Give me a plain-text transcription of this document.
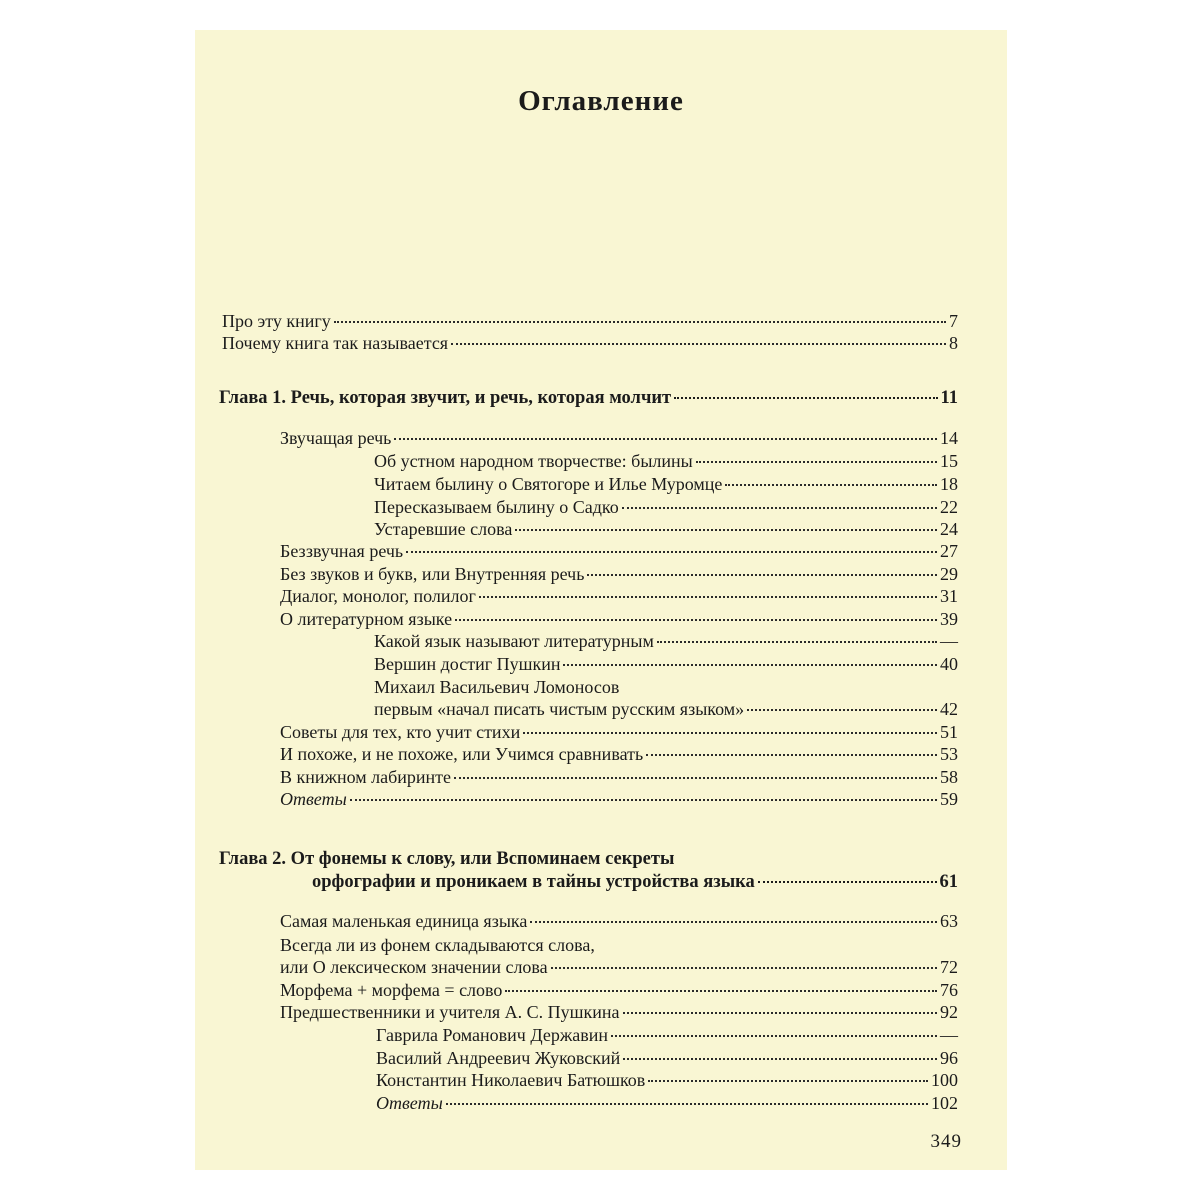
Оглавление
Про эту книгу	7
Почему книга так называется	8
Глава 1. Речь, которая звучит, и речь, которая молчит	11
Звучащая речь	14
Об устном народном творчестве: былины	15
Читаем былину о Святогоре и Илье Муромце	18
Пересказываем былину о Садко	22
Устаревшие слова	24
Беззвучная речь	27
Без звуков и букв, или Внутренняя речь	29
Диалог, монолог, полилог	31
О литературном языке	39
Какой язык называют литературным	—
Вершин достиг Пушкин	40
Михаил Васильевич Ломоносов
первым «начал писать чистым русским языком»	42
Советы для тех, кто учит стихи	51
И похоже, и не похоже, или Учимся сравнивать	53
В книжном лабиринте	58
Ответы	59
Глава 2. От фонемы к слову, или Вспоминаем секреты
орфографии и проникаем в тайны устройства языка	61
Самая маленькая единица языка	63
Всегда ли из фонем складываются слова,
или О лексическом значении слова	72
Морфема + морфема = слово	76
Предшественники и учителя А. С. Пушкина	92
Гаврила Романович Державин	—
Василий Андреевич Жуковский	96
Константин Николаевич Батюшков	100
Ответы	102
349
